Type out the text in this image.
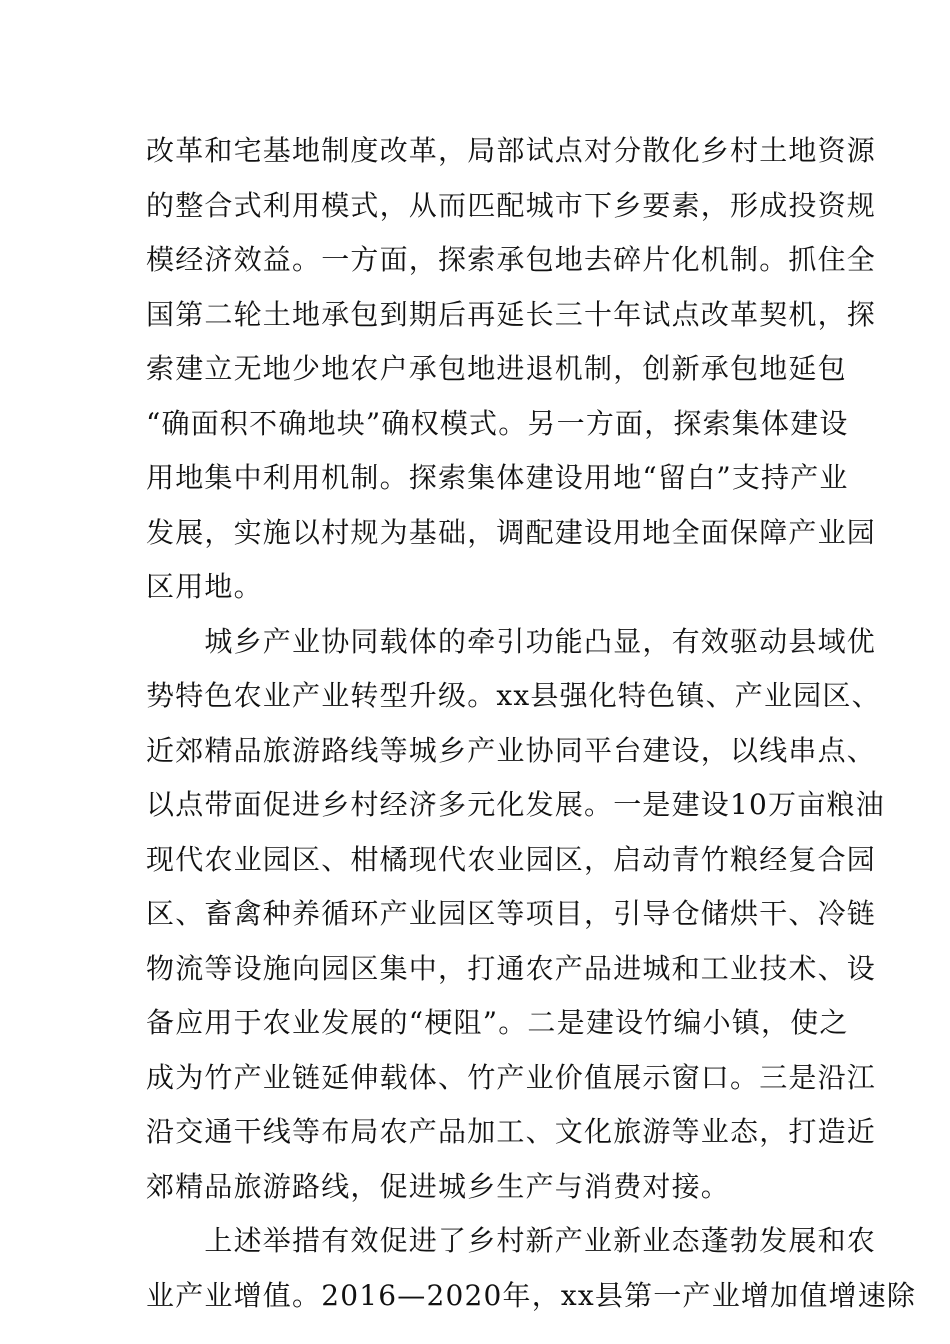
改革和宅基地制度改革，局部试点对分散化乡村土地资源
的整合式利用模式，从而匹配城市下乡要素，形成投资规
模经济效益。一方面，探索承包地去碎片化机制。抓住全
国第二轮土地承包到期后再延长三十年试点改革契机，探
索建立无地少地农户承包地进退机制，创新承包地延包
“确面积不确地块”确权模式。另一方面，探索集体建设
用地集中利用机制。探索集体建设用地“留白”支持产业
发展，实施以村规为基础，调配建设用地全面保障产业园
区用地。
　　城乡产业协同载体的牵引功能凸显，有效驱动县域优
势特色农业产业转型升级。xx县强化特色镇、产业园区、
近郊精品旅游路线等城乡产业协同平台建设，以线串点、
以点带面促进乡村经济多元化发展。一是建设10万亩粮油
现代农业园区、柑橘现代农业园区，启动青竹粮经复合园
区、畜禽种养循环产业园区等项目，引导仓储烘干、冷链
物流等设施向园区集中，打通农产品进城和工业技术、设
备应用于农业发展的“梗阻”。二是建设竹编小镇，使之
成为竹产业链延伸载体、竹产业价值展示窗口。三是沿江
沿交通干线等布局农产品加工、文化旅游等业态，打造近
郊精品旅游路线，促进城乡生产与消费对接。
　　上述举措有效促进了乡村新产业新业态蓬勃发展和农
业产业增值。2016—2020年，xx县第一产业增加值增速除
